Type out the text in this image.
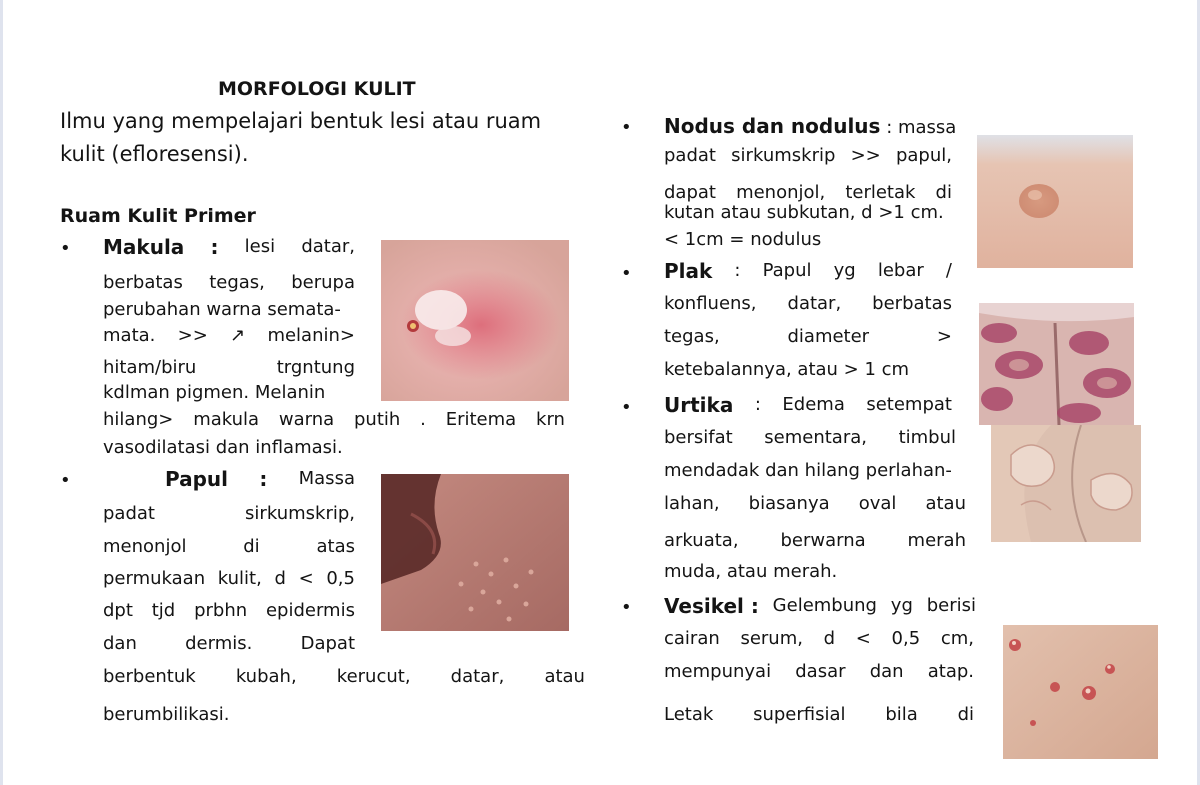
MORFOLOGI KULIT
Ilmu yang mempelajari bentuk lesi atau ruam
kulit (efloresensi).
Ruam Kulit Primer
• Makula : lesi datar,
berbatas tegas, berupa
perubahan warna semata-
mata. >> ↗ melanin>
hitam/biru	trgntung
kdlman pigmen. Melanin
hilang> makula warna putih . Eritema krn
vasodilatasi dan inflamasi.
•	Papul : Massa
padat	sirkumskrip,
menonjol	di	atas
permukaan kulit, d < 0,5
dpt tjd prbhn epidermis
dan	dermis.	Dapat
berbentuk kubah, kerucut, datar, atau
berumbilikasi.
• Nodus dan nodulus : massa
padat sirkumskrip >> papul,
dapat menonjol, terletak di
kutan atau subkutan, d >1 cm.
< 1cm = nodulus
• Plak : Papul yg lebar /
konfluens, datar, berbatas
tegas,	diameter	>
ketebalannya, atau > 1 cm
• Urtika : Edema setempat
bersifat sementara, timbul
mendadak dan hilang perlahan-
lahan, biasanya oval atau
arkuata, berwarna merah
muda, atau merah.
• Vesikel : Gelembung yg berisi
cairan serum, d < 0,5 cm,
mempunyai dasar dan atap.
Letak superfisial bila di
